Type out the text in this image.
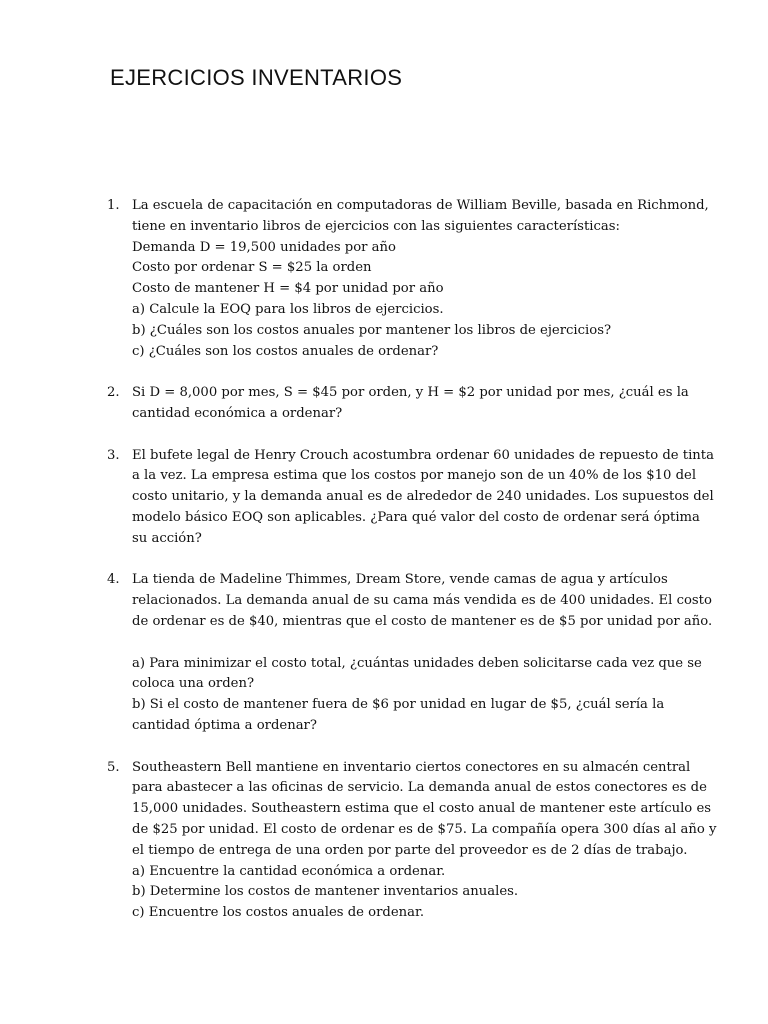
EJERCICIOS INVENTARIOS
1. La escuela de capacitación en computadoras de William Beville, basada en Richmond,
tiene en inventario libros de ejercicios con las siguientes características:
Demanda D = 19,500 unidades por año
Costo por ordenar S = $25 la orden
Costo de mantener H = $4 por unidad por año
a) Calcule la EOQ para los libros de ejercicios.
b) ¿Cuáles son los costos anuales por mantener los libros de ejercicios?
c) ¿Cuáles son los costos anuales de ordenar?
2. Si D = 8,000 por mes, S = $45 por orden, y H = $2 por unidad por mes, ¿cuál es la
cantidad económica a ordenar?
3. El bufete legal de Henry Crouch acostumbra ordenar 60 unidades de repuesto de tinta
a la vez. La empresa estima que los costos por manejo son de un 40% de los $10 del
costo unitario, y la demanda anual es de alrededor de 240 unidades. Los supuestos del
modelo básico EOQ son aplicables. ¿Para qué valor del costo de ordenar será óptima
su acción?
4. La tienda de Madeline Thimmes, Dream Store, vende camas de agua y artículos
relacionados. La demanda anual de su cama más vendida es de 400 unidades. El costo
de ordenar es de $40, mientras que el costo de mantener es de $5 por unidad por año.
a) Para minimizar el costo total, ¿cuántas unidades deben solicitarse cada vez que se
coloca una orden?
b) Si el costo de mantener fuera de $6 por unidad en lugar de $5, ¿cuál sería la
cantidad óptima a ordenar?
5. Southeastern Bell mantiene en inventario ciertos conectores en su almacén central
para abastecer a las oficinas de servicio. La demanda anual de estos conectores es de
15,000 unidades. Southeastern estima que el costo anual de mantener este artículo es
de $25 por unidad. El costo de ordenar es de $75. La compañía opera 300 días al año y
el tiempo de entrega de una orden por parte del proveedor es de 2 días de trabajo.
a) Encuentre la cantidad económica a ordenar.
b) Determine los costos de mantener inventarios anuales.
c) Encuentre los costos anuales de ordenar.
